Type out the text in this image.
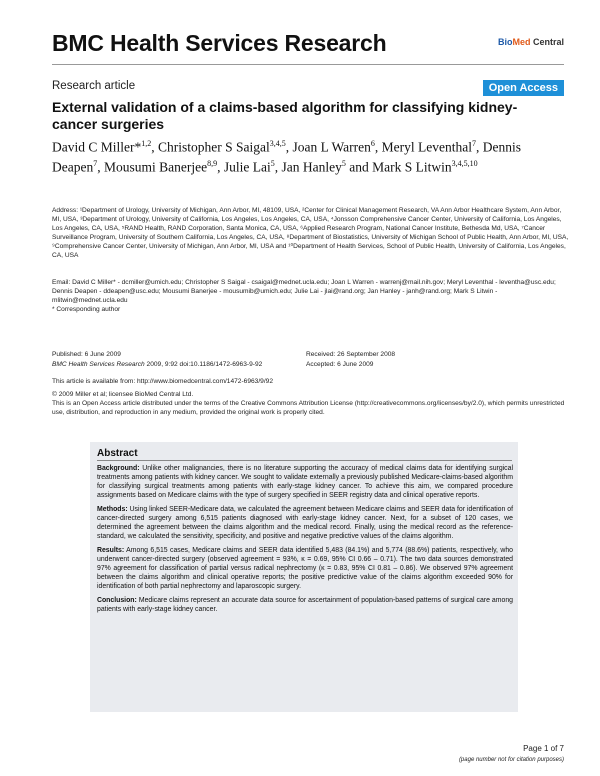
BMC Health Services Research	BioMed Central
Research article	Open Access
External validation of a claims-based algorithm for classifying kidney-cancer surgeries
David C Miller*$^{1,2}$, Christopher S Saigal$^{3,4,5}$, Joan L Warren$^6$, Meryl Leventhal$^7$, Dennis Deapen$^7$, Mousumi Banerjee$^{8,9}$, Julie Lai$^5$, Jan Hanley$^5$ and Mark S Litwin$^{3,4,5,10}$
Address: ¹Department of Urology, University of Michigan, Ann Arbor, MI, 48109, USA, ²Center for Clinical Management Research, VA Ann Arbor Healthcare System, Ann Arbor, MI, USA, ³Department of Urology, University of California, Los Angeles, Los Angeles, CA, USA, ⁴Jonsson Comprehensive Cancer Center, University of California, Los Angeles, Los Angeles, CA, USA, ⁵RAND Health, RAND Corporation, Santa Monica, CA, USA, ⁶Applied Research Program, National Cancer Institute, Bethesda Md, USA, ⁷Cancer Surveillance Program, University of Southern California, Los Angeles, CA, USA, ⁸Department of Biostatistics, University of Michigan School of Public Health, Ann Arbor, MI, USA, ⁹Comprehensive Cancer Center, University of Michigan, Ann Arbor, MI, USA and ¹⁰Department of Health Services, School of Public Health, University of California, Los Angeles, CA, USA
Email: David C Miller* - dcmiller@umich.edu; Christopher S Saigal - csaigal@mednet.ucla.edu; Joan L Warren - warrenj@mail.nih.gov; Meryl Leventhal - leventha@usc.edu; Dennis Deapen - ddeapen@usc.edu; Mousumi Banerjee - mousumib@umich.edu; Julie Lai - jlai@rand.org; Jan Hanley - janh@rand.org; Mark S Litwin - mlitwin@mednet.ucla.edu
* Corresponding author
Published: 6 June 2009
BMC Health Services Research 2009, 9:92 doi:10.1186/1472-6963-9-92
Received: 26 September 2008
Accepted: 6 June 2009
This article is available from: http://www.biomedcentral.com/1472-6963/9/92
© 2009 Miller et al; licensee BioMed Central Ltd.
This is an Open Access article distributed under the terms of the Creative Commons Attribution License (http://creativecommons.org/licenses/by/2.0), which permits unrestricted use, distribution, and reproduction in any medium, provided the original work is properly cited.
Abstract

Background: Unlike other malignancies, there is no literature supporting the accuracy of medical claims data for identifying surgical treatments among patients with kidney cancer. We sought to validate externally a previously published Medicare-claims-based algorithm for classifying surgical treatments among patients with early-stage kidney cancer. To achieve this aim, we compared procedure assignments based on Medicare claims with the type of surgery specified in SEER registry data and clinical operative reports.

Methods: Using linked SEER-Medicare data, we calculated the agreement between Medicare claims and SEER data for identification of cancer-directed surgery among 6,515 patients diagnosed with early-stage kidney cancer. Next, for a subset of 120 cases, we determined the agreement between the claims algorithm and the medical record. Finally, using the medical record as the reference-standard, we calculated the sensitivity, specificity, and positive and negative predictive values of the claims algorithm.

Results: Among 6,515 cases, Medicare claims and SEER data identified 5,483 (84.1%) and 5,774 (88.6%) patients, respectively, who underwent cancer-directed surgery (observed agreement = 93%, κ = 0.69, 95% CI 0.66 – 0.71). The two data sources demonstrated 97% agreement for classification of partial versus radical nephrectomy (κ = 0.83, 95% CI 0.81 – 0.86). We observed 97% agreement between the claims algorithm and clinical operative reports; the positive predictive value of the claims algorithm exceeded 90% for identification of both partial nephrectomy and laparoscopic surgery.

Conclusion: Medicare claims represent an accurate data source for ascertainment of population-based patterns of surgical care among patients with early-stage kidney cancer.

Page 1 of 7
(page number not for citation purposes)
